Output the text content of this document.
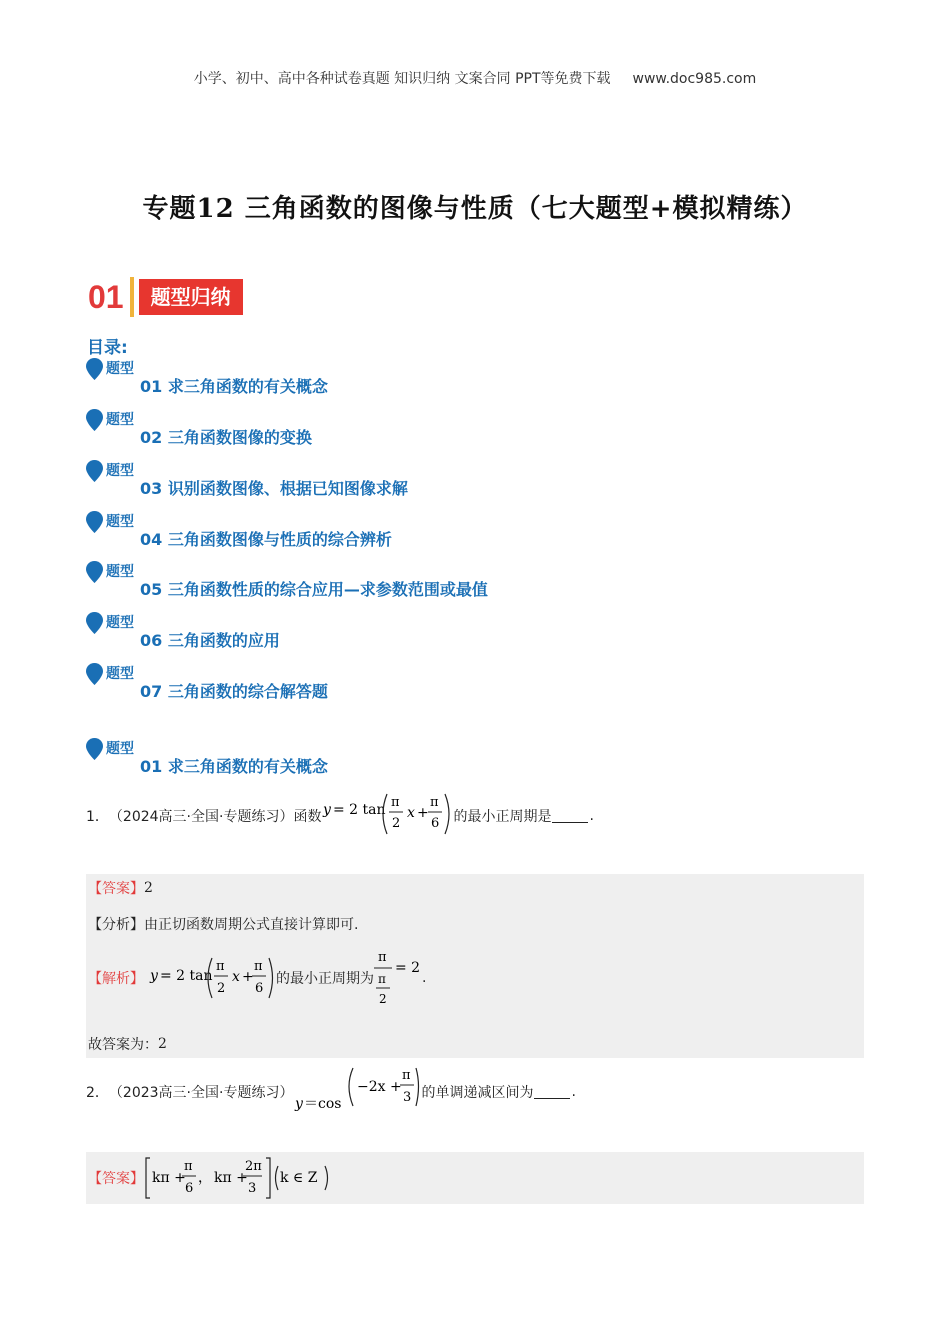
小学、初中、高中各种试卷真题 知识归纳 文案合同 PPT等免费下载 www.doc985.com
专题12 三角函数的图像与性质（七大题型+模拟精练）
01	题型归纳
目录:
题型
01 求三角函数的有关概念
题型
02 三角函数图像的变换
题型
03 识别函数图像、根据已知图像求解
题型
04 三角函数图像与性质的综合辨析
题型
05 三角函数性质的综合应用—求参数范围或最值
题型
06 三角函数的应用
题型
07 三角函数的综合解答题
题型
01 求三角函数的有关概念
1． （2024高三·全国·专题练习）函数 y = 2 tan π
2
x +
π
6 的最小正周期是	.
【答案】 2
【分析】 由正切函数周期公式直接计算即可.
【解析】 y = 2 tan
π
2
x +
π
6
的最小正周期为
π
π
2
= 2
.
故答案为： 2
2． （2023高三·全国·专题练习）
y ＝cos
−2x +
π
3 的单调递减区间为	.
【答案】 kπ +
π
6
， kπ +
2π
3
k ∈ Z
